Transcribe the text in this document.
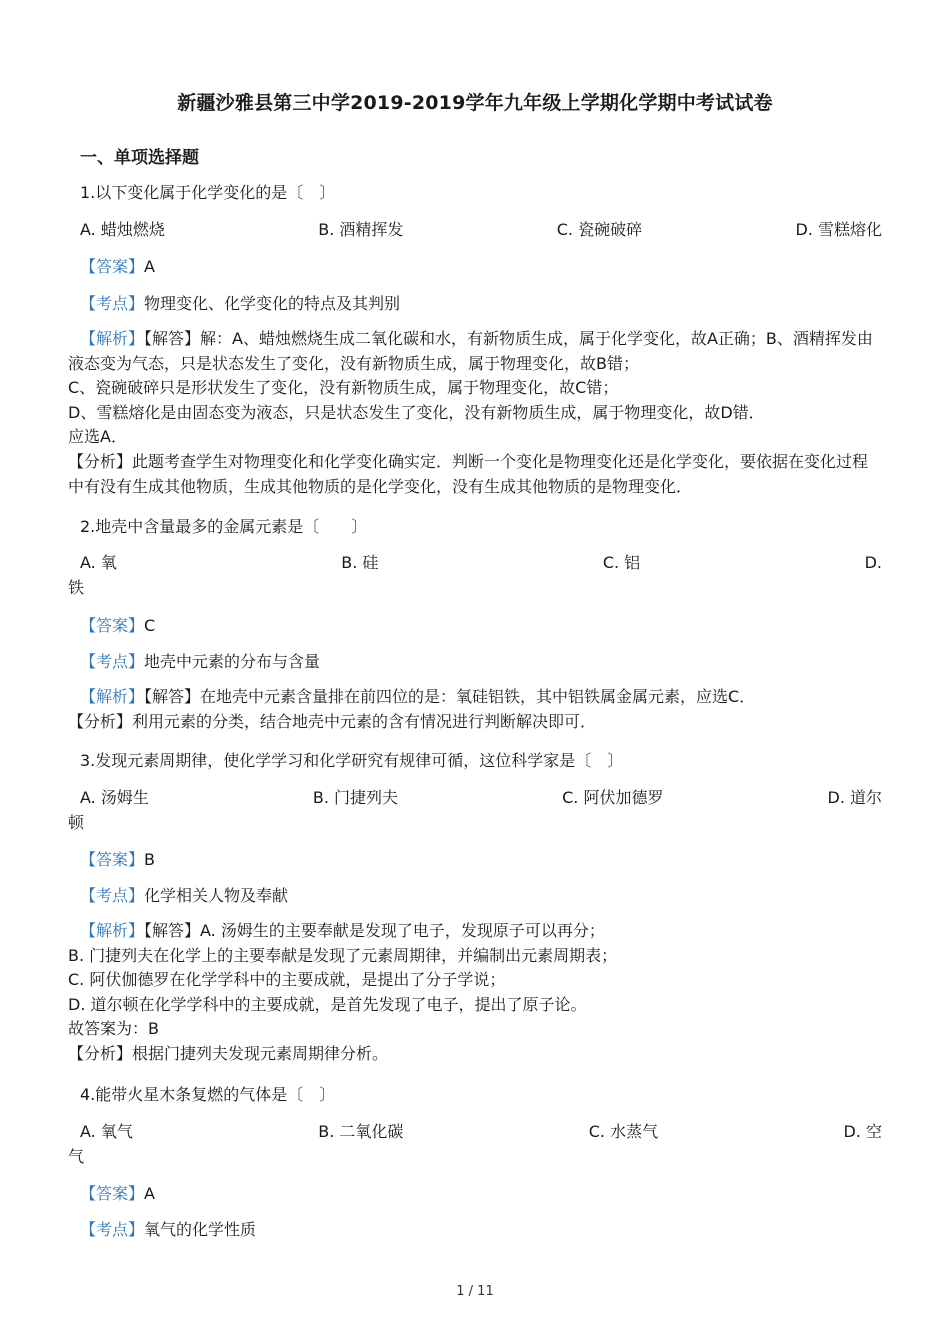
新疆沙雅县第三中学2019-2019学年九年级上学期化学期中考试试卷
一、单项选择题
1.以下变化属于化学变化的是〔　〕
A. 蜡烛燃烧	B. 酒精挥发	C. 瓷碗破碎	D. 雪糕熔化
【答案】A
【考点】物理变化、化学变化的特点及其判别

【解析】【解答】解：A、蜡烛燃烧生成二氧化碳和水，有新物质生成，属于化学变化，故A正确；B、酒精挥发由液态变为气态，只是状态发生了变化，没有新物质生成，属于物理变化，故B错；

C、瓷碗破碎只是形状发生了变化，没有新物质生成，属于物理变化，故C错；

D、雪糕熔化是由固态变为液态，只是状态发生了变化，没有新物质生成，属于物理变化，故D错．

应选A．

【分析】此题考查学生对物理变化和化学变化确实定．判断一个变化是物理变化还是化学变化，要依据在变化过程中有没有生成其他物质，生成其他物质的是化学变化，没有生成其他物质的是物理变化．

2.地壳中含量最多的金属元素是〔　　〕
A. 氧	B. 硅	C. 铝	D.
铁
【答案】C
【考点】地壳中元素的分布与含量

【解析】【解答】在地壳中元素含量排在前四位的是：氧硅铝铁，其中铝铁属金属元素，应选C．

【分析】利用元素的分类，结合地壳中元素的含有情况进行判断解决即可．

3.发现元素周期律，使化学学习和化学研究有规律可循，这位科学家是〔　〕
A. 汤姆生	B. 门捷列夫	C. 阿伏加德罗	D. 道尔
顿
【答案】B
【考点】化学相关人物及奉献

【解析】【解答】A. 汤姆生的主要奉献是发现了电子，发现原子可以再分；

B. 门捷列夫在化学上的主要奉献是发现了元素周期律，并编制出元素周期表；

C. 阿伏伽德罗在化学学科中的主要成就，是提出了分子学说；

D. 道尔顿在化学学科中的主要成就，是首先发现了电子，提出了原子论。

故答案为：B

【分析】根据门捷列夫发现元素周期律分析。

4.能带火星木条复燃的气体是〔　〕
A. 氧气	B. 二氧化碳	C. 水蒸气	D. 空
气
【答案】A
【考点】氧气的化学性质
1 / 11
